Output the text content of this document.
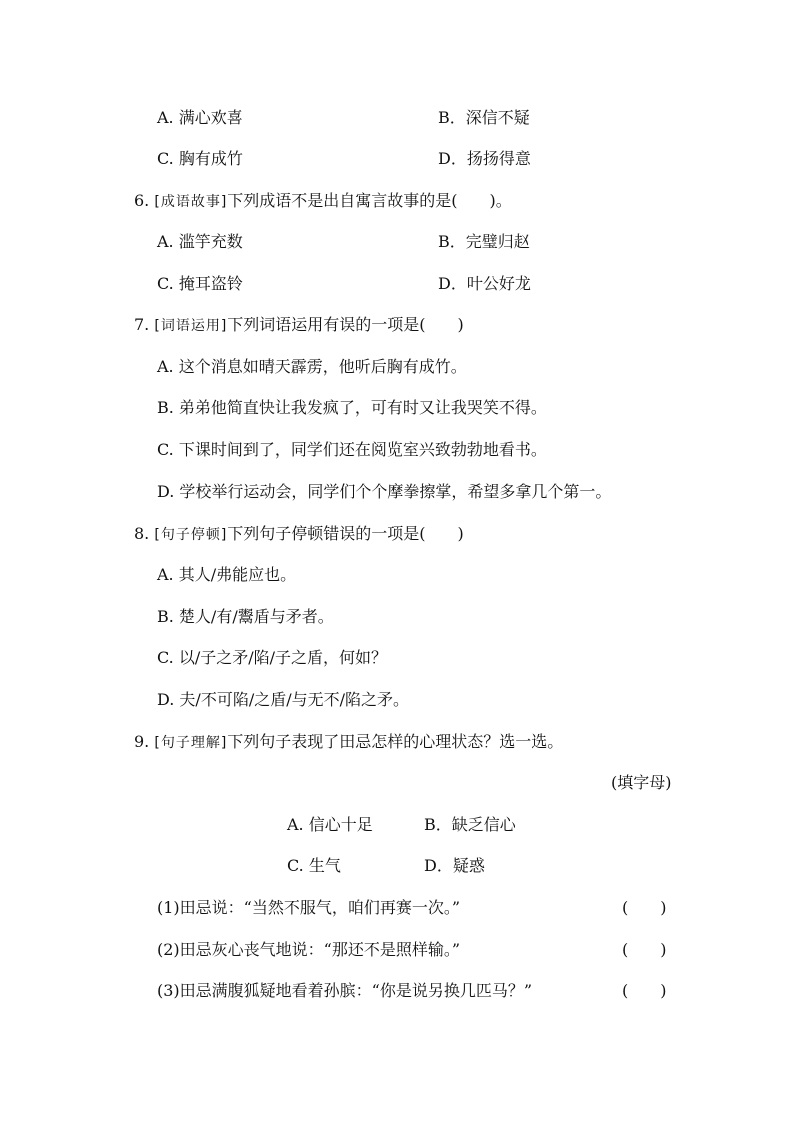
A. 满心欢喜	B．深信不疑
C. 胸有成竹	D．扬扬得意
6. [成语故事]下列成语不是出自寓言故事的是(　　)。
A. 滥竽充数	B．完璧归赵
C. 掩耳盗铃	D．叶公好龙
7. [词语运用]下列词语运用有误的一项是(　　)
A. 这个消息如晴天霹雳，他听后胸有成竹。
B. 弟弟他简直快让我发疯了，可有时又让我哭笑不得。
C. 下课时间到了，同学们还在阅览室兴致勃勃地看书。
D. 学校举行运动会，同学们个个摩拳擦掌，希望多拿几个第一。
8. [句子停顿]下列句子停顿错误的一项是(　　)
A. 其人/弗能应也。
B. 楚人/有/鬻盾与矛者。
C. 以/子之矛/陷/子之盾，何如？
D. 夫/不可陷/之盾/与无不/陷之矛。
9. [句子理解]下列句子表现了田忌怎样的心理状态？选一选。
(填字母)
A. 信心十足	B．缺乏信心
C. 生气	D．疑惑
(1)田忌说：“当然不服气，咱们再赛一次。”	(　　)
(2)田忌灰心丧气地说：“那还不是照样输。”	(　　)
(3)田忌满腹狐疑地看着孙膑：“你是说另换几匹马？”	(　　)
